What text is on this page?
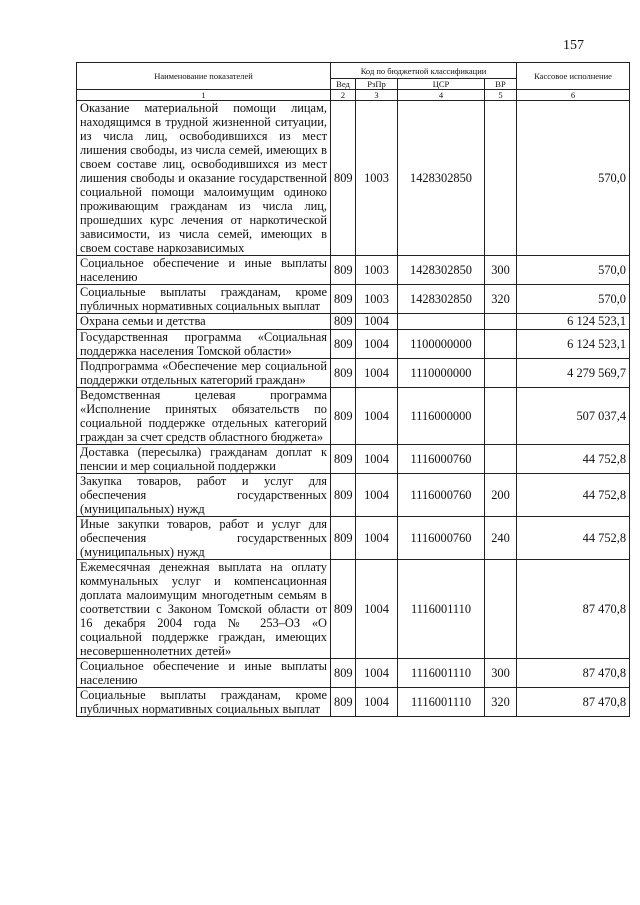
157
Наименование показателей	Код по бюджетной классификации				Кассовое исполнение
	Вед	РзПр	ЦСР	ВР	
1	2	3	4	5	6
Оказание материальной помощи лицам, находящимся в трудной жизненной ситуации, из числа лиц, освободившихся из мест лишения свободы, из числа семей, имеющих в своем составе лиц, освободившихся из мест лишения свободы и оказание государственной социальной помощи малоимущим одиноко проживающим гражданам из числа лиц, прошедших курс лечения от наркотической зависимости, из числа семей, имеющих в своем составе наркозависимых	809	1003	1428302850		570,0
Социальное обеспечение и иные выплаты населению	809	1003	1428302850	300	570,0
Социальные выплаты гражданам, кроме публичных нормативных социальных выплат	809	1003	1428302850	320	570,0
Охрана семьи и детства	809	1004			6 124 523,1
Государственная программа «Социальная поддержка населения Томской области»	809	1004	1100000000		6 124 523,1
Подпрограмма «Обеспечение мер социальной поддержки отдельных категорий граждан»	809	1004	1110000000		4 279 569,7
Ведомственная целевая программа «Исполнение принятых обязательств по социальной поддержке отдельных категорий граждан за счет средств областного бюджета»	809	1004	1116000000		507 037,4
Доставка (пересылка) гражданам доплат к пенсии и мер социальной поддержки	809	1004	1116000760		44 752,8
Закупка товаров, работ и услуг для обеспечения государственных (муниципальных) нужд	809	1004	1116000760	200	44 752,8
Иные закупки товаров, работ и услуг для обеспечения государственных (муниципальных) нужд	809	1004	1116000760	240	44 752,8
Ежемесячная денежная выплата на оплату коммунальных услуг и компенсационная доплата малоимущим многодетным семьям в соответствии с Законом Томской области от 16 декабря 2004 года № 253–ОЗ «О социальной поддержке граждан, имеющих несовершеннолетних детей»	809	1004	1116001110		87 470,8
Социальное обеспечение и иные выплаты населению	809	1004	1116001110	300	87 470,8
Социальные выплаты гражданам, кроме публичных нормативных социальных выплат	809	1004	1116001110	320	87 470,8
